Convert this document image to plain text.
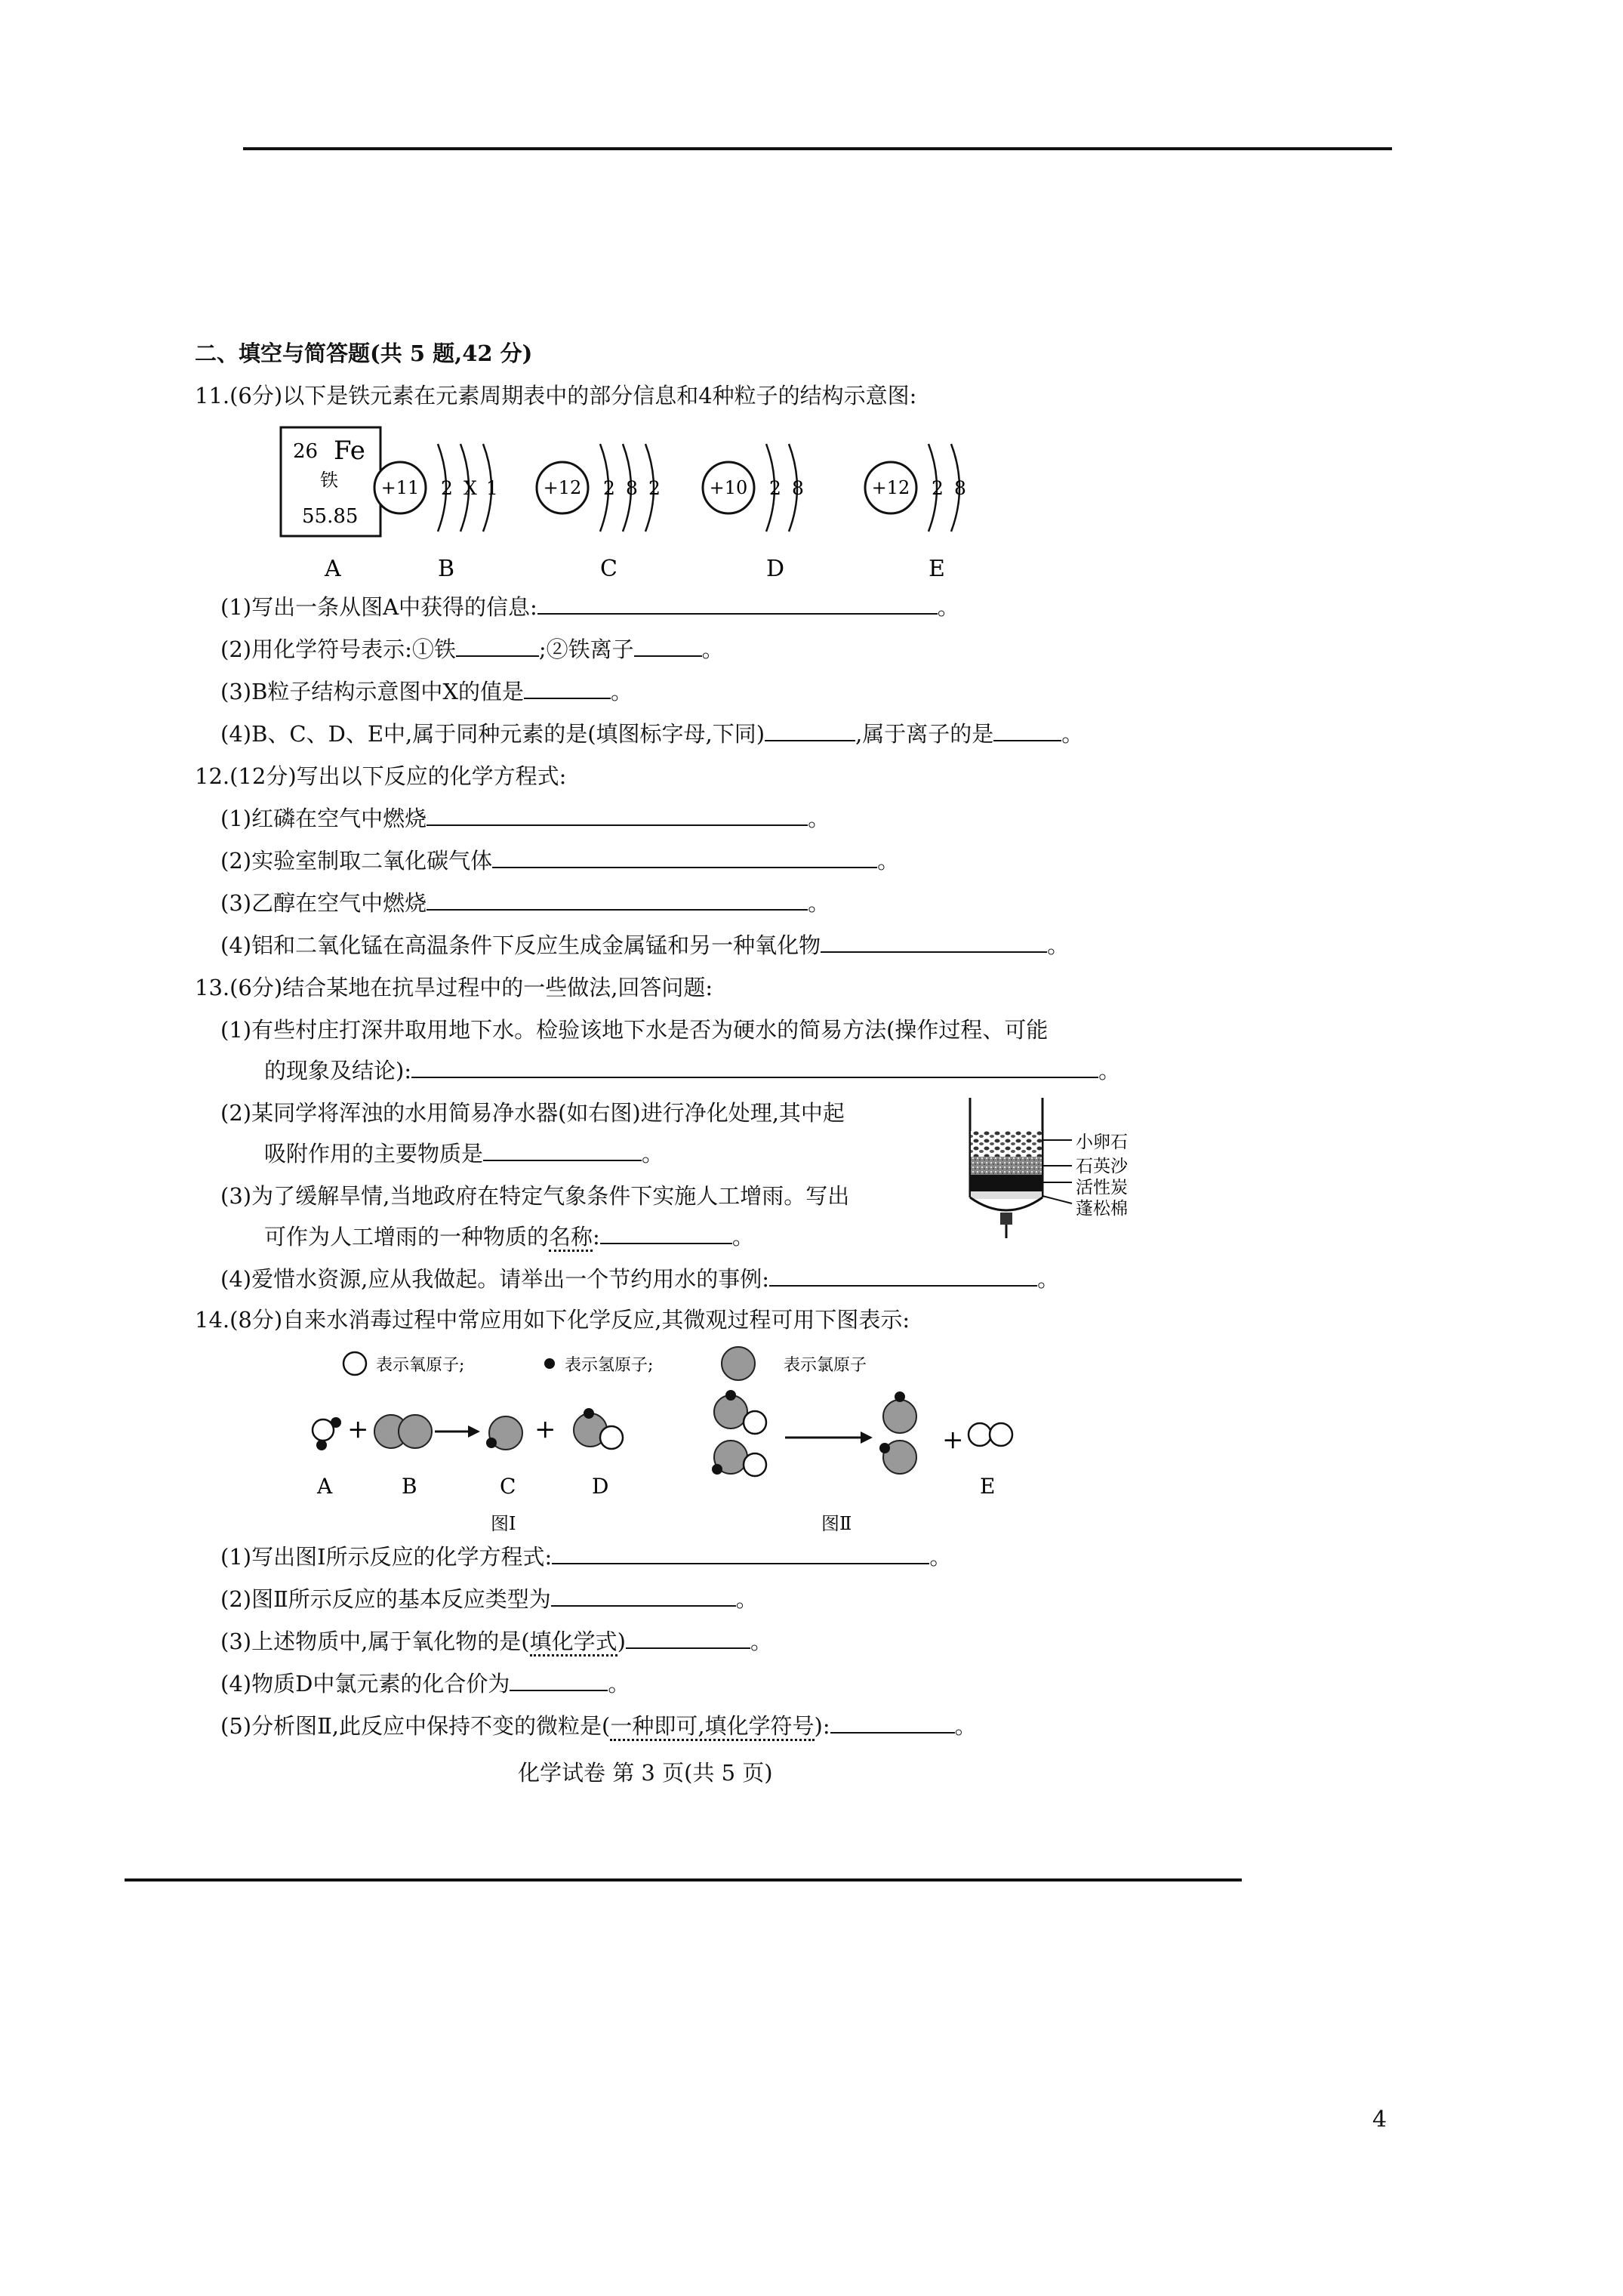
二、填空与简答题(共 5 题,42 分)
11.(6分)以下是铁元素在元素周期表中的部分信息和4种粒子的结构示意图:
26 Fe
铁
55.85
A
+11 2 X 1
B
+12 2 8 2
C
+10 2 8
D
+12 2 8
E
(1)写出一条从图A中获得的信息:	。
(2)用化学符号表示:①铁	;②铁离子	。
(3)B粒子结构示意图中X的值是	。
(4)B、C、D、E中,属于同种元素的是(填图标字母,下同)	,属于离子的是	。
12.(12分)写出以下反应的化学方程式:
(1)红磷在空气中燃烧	。
(2)实验室制取二氧化碳气体	。
(3)乙醇在空气中燃烧	。
(4)铝和二氧化锰在高温条件下反应生成金属锰和另一种氧化物	。
13.(6分)结合某地在抗旱过程中的一些做法,回答问题:
(1)有些村庄打深井取用地下水。检验该地下水是否为硬水的简易方法(操作过程、可能
的现象及结论):	。
(2)某同学将浑浊的水用简易净水器(如右图)进行净化处理,其中起
吸附作用的主要物质是	。
(3)为了缓解旱情,当地政府在特定气象条件下实施人工增雨。写出
可作为人工增雨的一种物质的名称:	。
(4)爱惜水资源,应从我做起。请举出一个节约用水的事例:	。
小卵石
石英沙
活性炭
蓬松棉
14.(8分)自来水消毒过程中常应用如下化学反应,其微观过程可用下图表示:
表示氧原子;	表示氢原子;	表示氯原子
+	+
A	B	C	D
图Ⅰ
+
E
图Ⅱ
(1)写出图Ⅰ所示反应的化学方程式:	。
(2)图Ⅱ所示反应的基本反应类型为	。
(3)上述物质中,属于氧化物的是(填化学式)	。
(4)物质D中氯元素的化合价为	。
(5)分析图Ⅱ,此反应中保持不变的微粒是(一种即可,填化学符号):	。
化学试卷 第 3 页(共 5 页)
4
